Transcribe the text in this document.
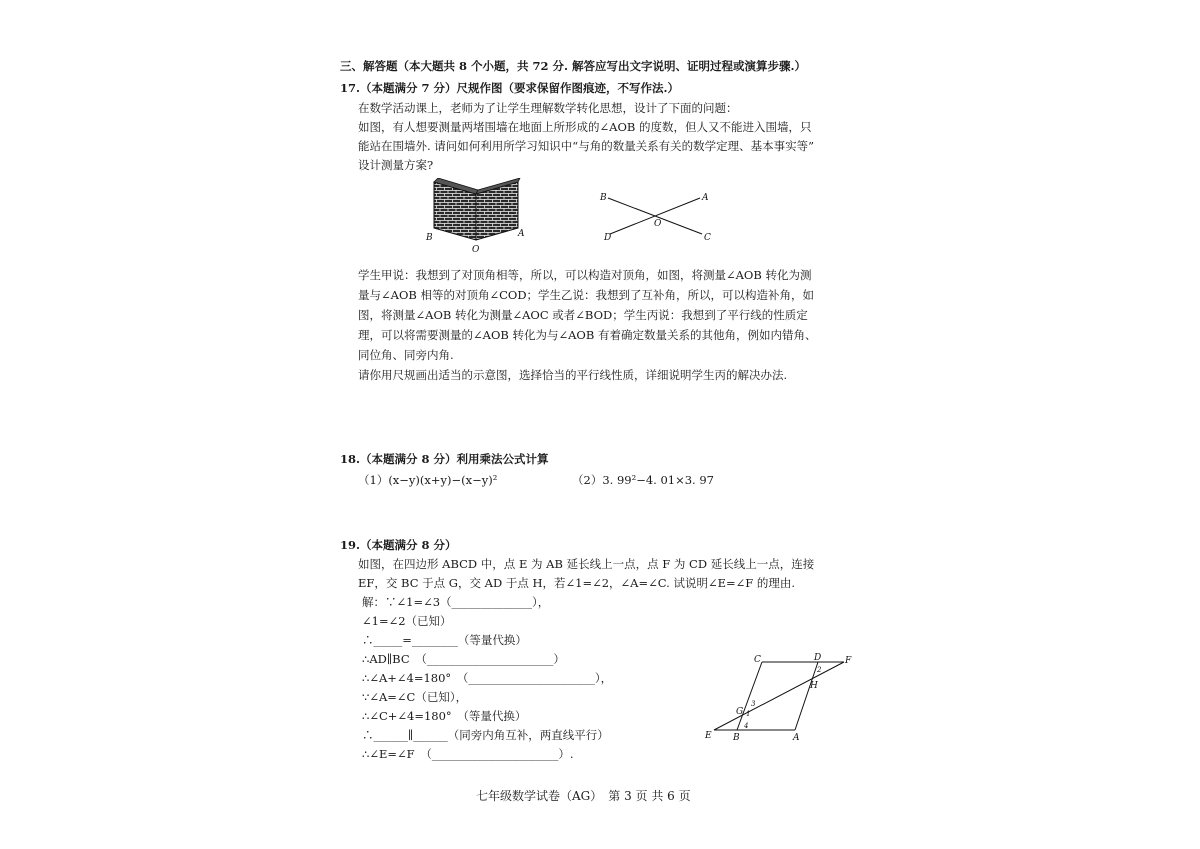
三、解答题（本大题共 8 个小题，共 72 分. 解答应写出文字说明、证明过程或演算步骤.）
17.（本题满分 7 分）尺规作图（要求保留作图痕迹，不写作法.）
在数学活动课上，老师为了让学生理解数学转化思想，设计了下面的问题：
如图，有人想要测量两堵围墙在地面上所形成的∠AOB 的度数，但人又不能进入围墙，只
能站在围墙外. 请问如何利用所学习知识中“与角的数量关系有关的数学定理、基本事实等”
设计测量方案?
B
O
A
B	A
O
D	C
学生甲说：我想到了对顶角相等，所以，可以构造对顶角，如图，将测量∠AOB 转化为测
量与∠AOB 相等的对顶角∠COD；学生乙说：我想到了互补角，所以，可以构造补角，如
图，将测量∠AOB 转化为测量∠AOC 或者∠BOD；学生丙说：我想到了平行线的性质定
理，可以将需要测量的∠AOB 转化为与∠AOB 有着确定数量关系的其他角，例如内错角、
同位角、同旁内角.
请你用尺规画出适当的示意图，选择恰当的平行线性质，详细说明学生丙的解决办法.
18.（本题满分 8 分）利用乘法公式计算
（1）(x−y)(x+y)−(x−y)²	（2）3. 99²−4. 01×3. 97
19.（本题满分 8 分）
如图，在四边形 ABCD 中，点 E 为 AB 延长线上一点，点 F 为 CD 延长线上一点，连接
EF，交 BC 于点 G，交 AD 于点 H，若∠1=∠2，∠A=∠C. 试说明∠E=∠F 的理由.
解：∵∠1=∠3（______________），
∠1=∠2（已知）
∴_____=________（等量代换）
∴AD∥BC　（______________________）
∴∠A+∠4=180°　（______________________），
∵∠A=∠C（已知），
∴∠C+∠4=180°　（等量代换）
∴______∥______（同旁内角互补，两直线平行）
∴∠E=∠F　（______________________）.
C	D	F
H
G
E B	A
1
2
3
4
七年级数学试卷（AG）　第 3 页 共 6 页
